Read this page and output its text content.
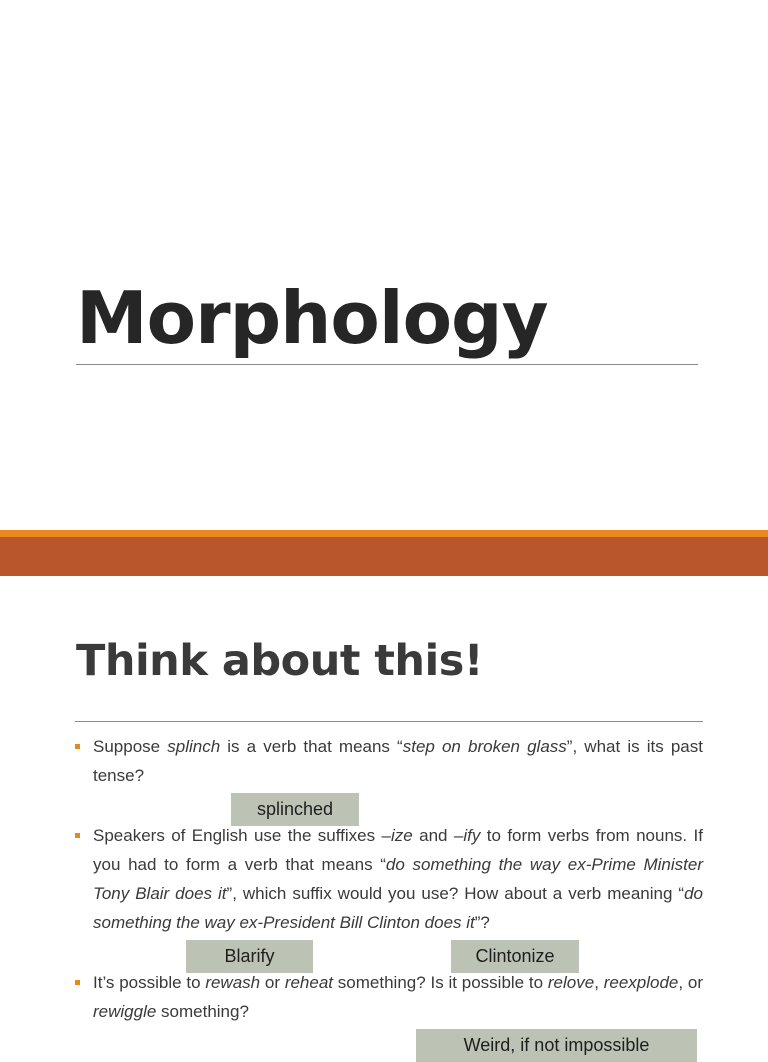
Morphology
Think about this!
Suppose splinch is a verb that means “step on broken glass”, what is its past tense?
splinched
Speakers of English use the suffixes –ize and –ify to form verbs from nouns. If you had to form a verb that means “do something the way ex-Prime Minister Tony Blair does it”, which suffix would you use? How about a verb meaning “do something the way ex-President Bill Clinton does it”?
Blarify	Clintonize
It’s possible to rewash or reheat something? Is it possible to relove, reexplode, or rewiggle something?
Weird, if not impossible
